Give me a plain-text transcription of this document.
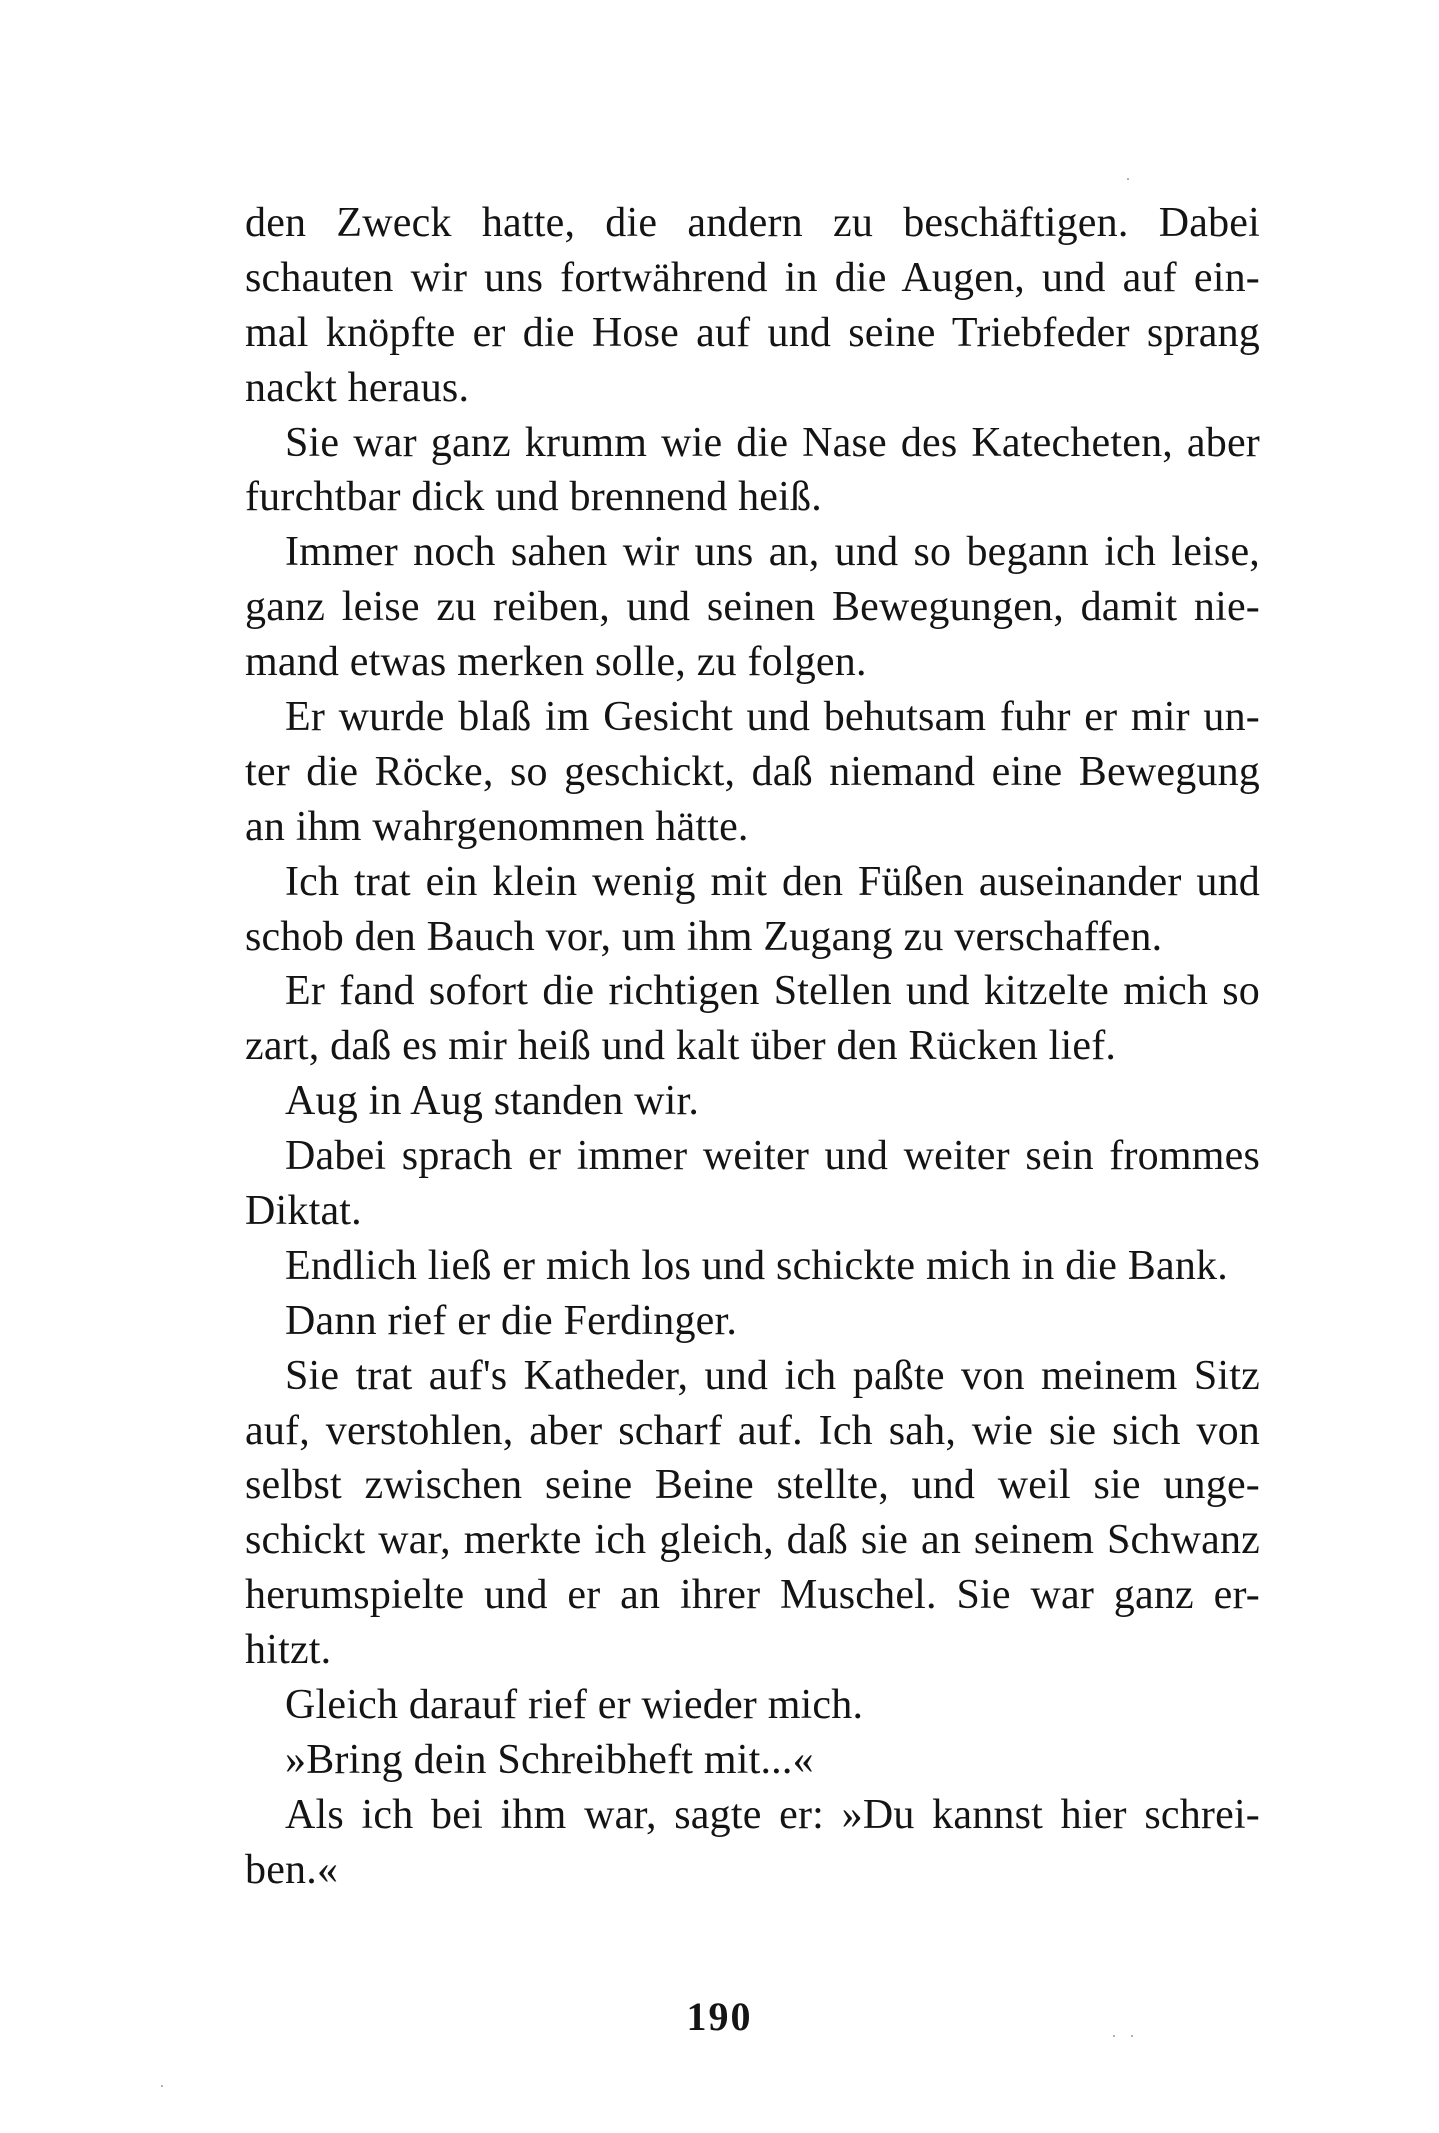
den Zweck hatte, die andern zu beschäftigen. Dabei
schauten wir uns fortwährend in die Augen, und auf ein-
mal knöpfte er die Hose auf und seine Triebfeder sprang
nackt heraus.
Sie war ganz krumm wie die Nase des Katecheten, aber
furchtbar dick und brennend heiß.
Immer noch sahen wir uns an, und so begann ich leise,
ganz leise zu reiben, und seinen Bewegungen, damit nie-
mand etwas merken solle, zu folgen.
Er wurde blaß im Gesicht und behutsam fuhr er mir un-
ter die Röcke, so geschickt, daß niemand eine Bewegung
an ihm wahrgenommen hätte.
Ich trat ein klein wenig mit den Füßen auseinander und
schob den Bauch vor, um ihm Zugang zu verschaffen.
Er fand sofort die richtigen Stellen und kitzelte mich so
zart, daß es mir heiß und kalt über den Rücken lief.
Aug in Aug standen wir.
Dabei sprach er immer weiter und weiter sein frommes
Diktat.
Endlich ließ er mich los und schickte mich in die Bank.
Dann rief er die Ferdinger.
Sie trat auf's Katheder, und ich paßte von meinem Sitz
auf, verstohlen, aber scharf auf. Ich sah, wie sie sich von
selbst zwischen seine Beine stellte, und weil sie unge-
schickt war, merkte ich gleich, daß sie an seinem Schwanz
herumspielte und er an ihrer Muschel. Sie war ganz er-
hitzt.
Gleich darauf rief er wieder mich.
»Bring dein Schreibheft mit...«
Als ich bei ihm war, sagte er: »Du kannst hier schrei-
ben.«
190
